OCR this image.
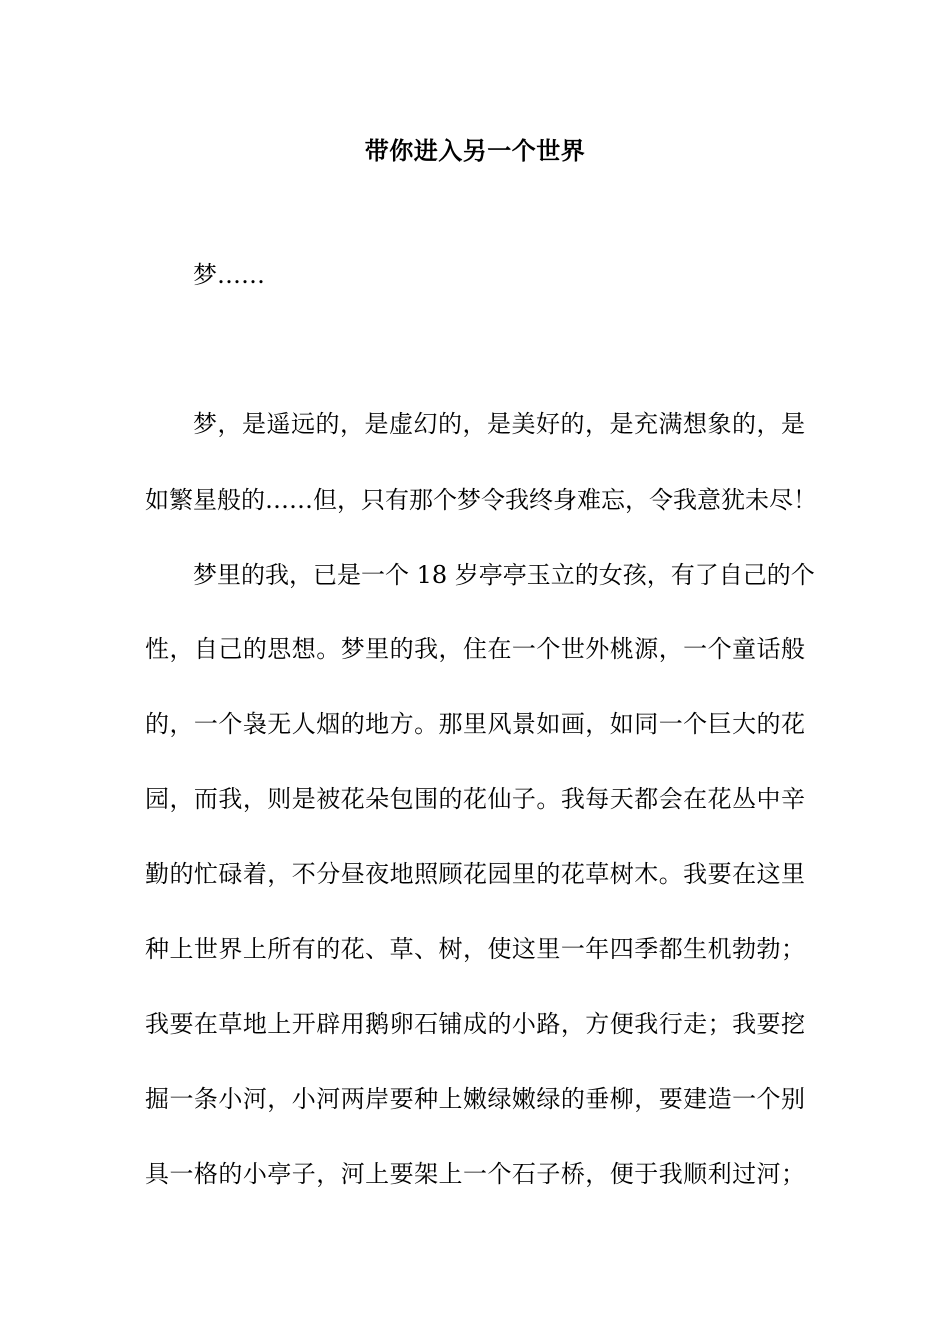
带你进入另一个世界
梦……
梦，是遥远的，是虚幻的，是美好的，是充满想象的，是
如繁星般的……但，只有那个梦令我终身难忘，令我意犹未尽！
梦里的我，已是一个 18 岁亭亭玉立的女孩，有了自己的个
性，自己的思想。梦里的我，住在一个世外桃源，一个童话般
的，一个袅无人烟的地方。那里风景如画，如同一个巨大的花
园，而我，则是被花朵包围的花仙子。我每天都会在花丛中辛
勤的忙碌着，不分昼夜地照顾花园里的花草树木。我要在这里
种上世界上所有的花、草、树，使这里一年四季都生机勃勃；
我要在草地上开辟用鹅卵石铺成的小路，方便我行走；我要挖
掘一条小河，小河两岸要种上嫩绿嫩绿的垂柳，要建造一个别
具一格的小亭子，河上要架上一个石子桥，便于我顺利过河；
